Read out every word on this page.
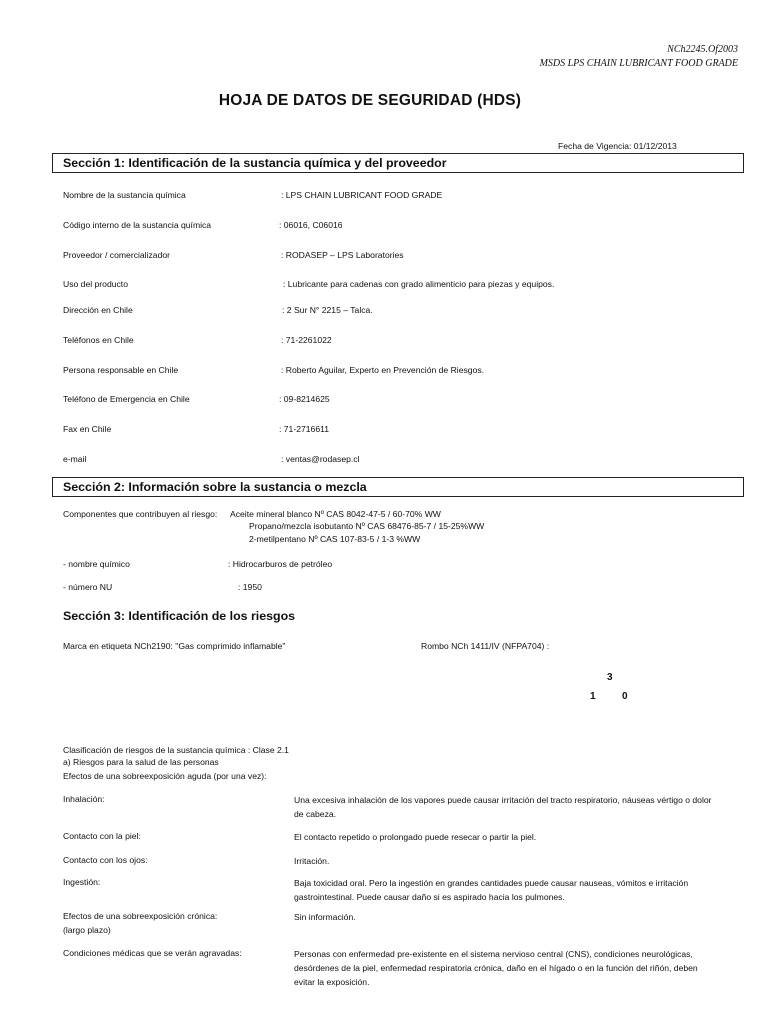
NCh2245.Of2003
MSDS LPS CHAIN LUBRICANT FOOD GRADE
HOJA DE DATOS DE SEGURIDAD (HDS)
Fecha de Vigencia: 01/12/2013
Sección 1: Identificación de la sustancia química y del proveedor
Nombre de la sustancia química	: LPS CHAIN LUBRICANT FOOD GRADE
Código interno de la sustancia química	: 06016, C06016
Proveedor / comercializador	: RODASEP – LPS Laboratories
Uso del producto	: Lubricante para cadenas con grado alimenticio para piezas y equipos.
Dirección en Chile	: 2 Sur N° 2215 – Talca.
Teléfonos en Chile	: 71-2261022
Persona responsable en Chile	: Roberto Aguilar, Experto en Prevención de Riesgos.
Teléfono de Emergencia en Chile	: 09-8214625
Fax en Chile	: 71-2716611
e-mail	: ventas@rodasep.cl
Sección 2: Información sobre la sustancia o mezcla
Componentes que contribuyen al riesgo: Aceite mineral blanco Nº CAS 8042-47-5 / 60-70% WW
Propano/mezcla isobutanto Nº CAS 68476-85-7 / 15-25%WW
2-metilpentano Nº CAS 107-83-5 / 1-3 %WW
- nombre químico	: Hidrocarburos de petróleo
- número NU	: 1950
Sección 3: Identificación de los riesgos
Marca en etiqueta NCh2190: "Gas comprimido inflamable"	Rombo NCh 1411/IV (NFPA704) :
3
1	0
Clasificación de riesgos de la sustancia química : Clase 2.1
a) Riesgos para la salud de las personas
Efectos de una sobreexposición aguda (por una vez):
Inhalación:	Una excesiva inhalación de los vapores puede causar irritación del tracto respiratorio, náuseas vértigo o dolor de cabeza.
Contacto con la piel:	El contacto repetido o prolongado puede resecar o partir la piel.
Contacto con los ojos:	Irritación.
Ingestión:	Baja toxicidad oral. Pero la ingestión en grandes cantidades puede causar nauseas, vómitos e irritación gastrointestinal. Puede causar daño si es aspirado hacia los pulmones.
Efectos de una sobreexposición crónica:
(largo plazo)
Sin información.
Condiciones médicas que se verán agravadas:	Personas con enfermedad pre-existente en el sistema nervioso central (CNS), condiciones neurológicas, desórdenes de la piel, enfermedad respiratoria crónica, daño en el hígado o en la función del riñón, deben evitar la exposición.
